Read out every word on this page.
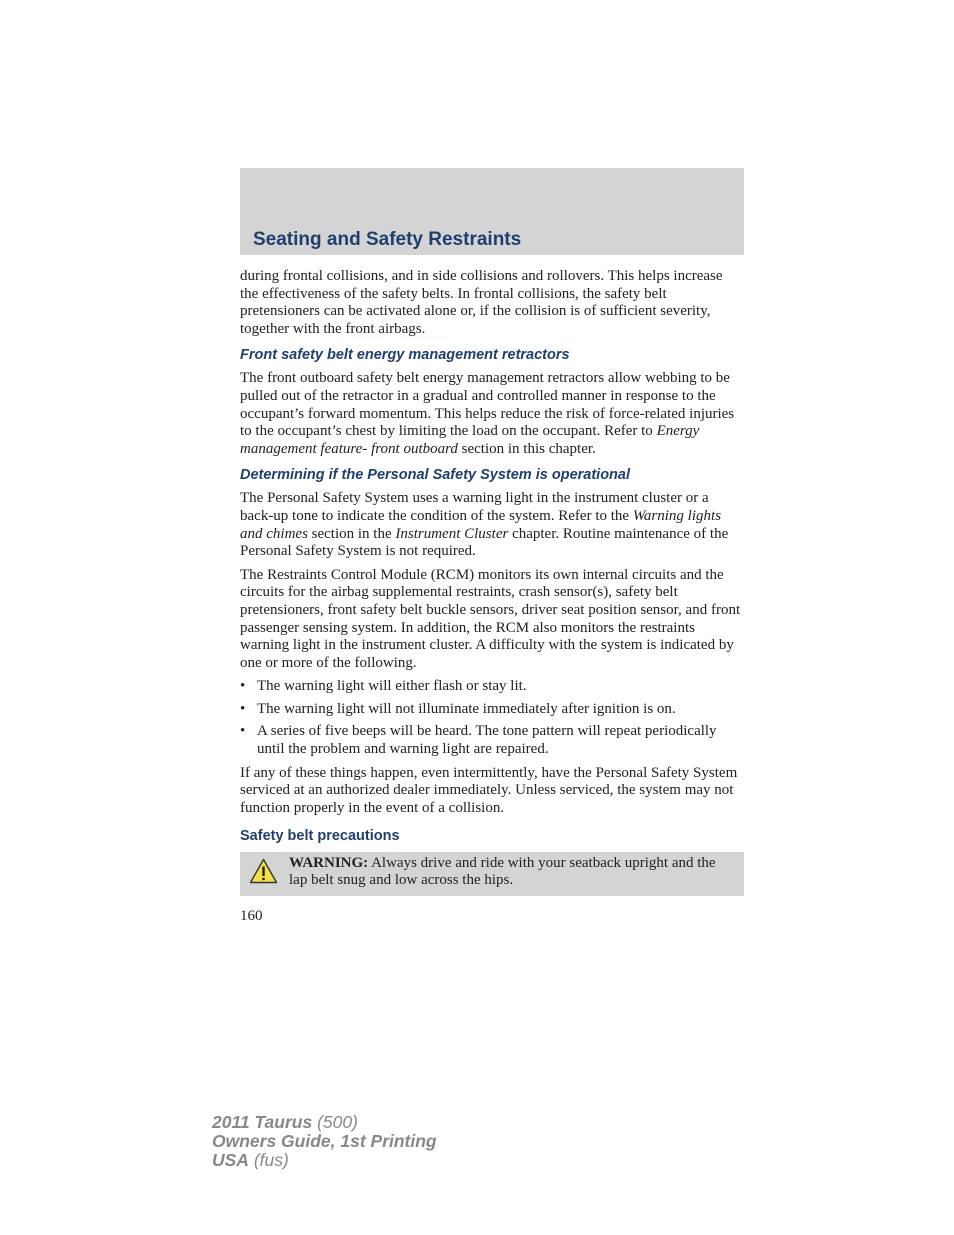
Seating and Safety Restraints

during frontal collisions, and in side collisions and rollovers. This helps increase the effectiveness of the safety belts. In frontal collisions, the safety belt pretensioners can be activated alone or, if the collision is of sufficient severity, together with the front airbags.

Front safety belt energy management retractors

The front outboard safety belt energy management retractors allow webbing to be pulled out of the retractor in a gradual and controlled manner in response to the occupant’s forward momentum. This helps reduce the risk of force-related injuries to the occupant’s chest by limiting the load on the occupant. Refer to Energy management feature- front outboard section in this chapter.

Determining if the Personal Safety System is operational

The Personal Safety System uses a warning light in the instrument cluster or a back-up tone to indicate the condition of the system. Refer to the Warning lights and chimes section in the Instrument Cluster chapter. Routine maintenance of the Personal Safety System is not required.

The Restraints Control Module (RCM) monitors its own internal circuits and the circuits for the airbag supplemental restraints, crash sensor(s), safety belt pretensioners, front safety belt buckle sensors, driver seat position sensor, and front passenger sensing system. In addition, the RCM also monitors the restraints warning light in the instrument cluster. A difficulty with the system is indicated by one or more of the following.

• The warning light will either flash or stay lit.
• The warning light will not illuminate immediately after ignition is on.
• A series of five beeps will be heard. The tone pattern will repeat periodically until the problem and warning light are repaired.

If any of these things happen, even intermittently, have the Personal Safety System serviced at an authorized dealer immediately. Unless serviced, the system may not function properly in the event of a collision.

Safety belt precautions
WARNING: Always drive and ride with your seatback upright and the lap belt snug and low across the hips.
160
2011 Taurus (500)
Owners Guide, 1st Printing
USA (fus)
